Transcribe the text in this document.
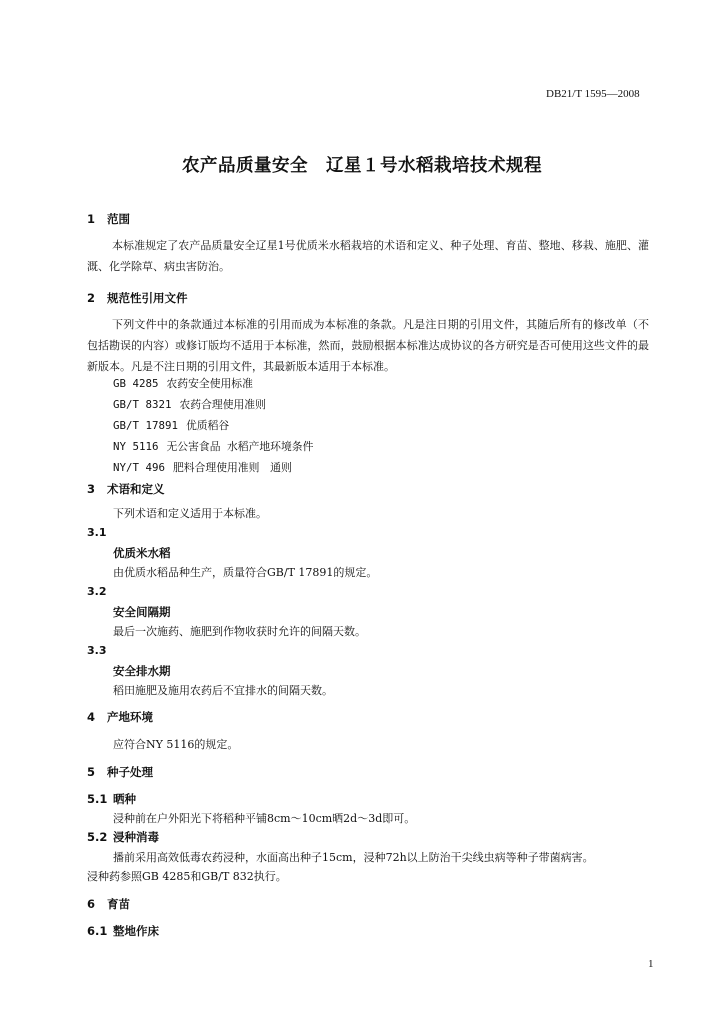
DB21/T 1595—2008
农产品质量安全　辽星１号水稻栽培技术规程
1 范围
本标准规定了农产品质量安全辽星1号优质米水稻栽培的术语和定义、种子处理、育苗、整地、移栽、施肥、灌溉、化学除草、病虫害防治。
2 规范性引用文件
下列文件中的条款通过本标准的引用而成为本标准的条款。凡是注日期的引用文件，其随后所有的修改单（不包括勘误的内容）或修订版均不适用于本标准，然而，鼓励根据本标准达成协议的各方研究是否可使用这些文件的最新版本。凡是不注日期的引用文件，其最新版本适用于本标准。
GB 4285 农药安全使用标准
GB/T 8321 农药合理使用准则
GB/T 17891 优质稻谷
NY 5116 无公害食品 水稻产地环境条件
NY/T 496 肥料合理使用准则　通则
3 术语和定义
下列术语和定义适用于本标准。
3.1
优质米水稻
由优质水稻品种生产，质量符合GB/T 17891的规定。
3.2
安全间隔期
最后一次施药、施肥到作物收获时允许的间隔天数。
3.3
安全排水期
稻田施肥及施用农药后不宜排水的间隔天数。
4 产地环境
应符合NY 5116的规定。
5 种子处理
5.1 晒种
浸种前在户外阳光下将稻种平铺8cm～10cm晒2d～3d即可。
5.2 浸种消毒
播前采用高效低毒农药浸种，水面高出种子15cm，浸种72h以上防治干尖线虫病等种子带菌病害。
浸种药参照GB 4285和GB/T 832执行。
6 育苗
6.1 整地作床
1
